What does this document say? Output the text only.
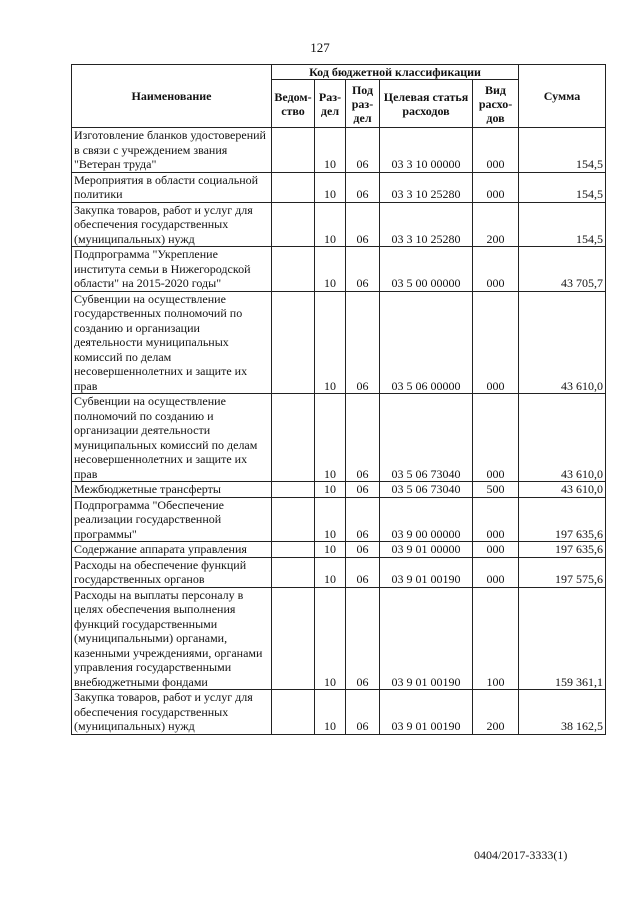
127
Наименование	Код бюджетной классификации					Сумма
	Ведом-ство	Раз-дел	Под раз-дел	Целевая статья расходов	Вид расхо-дов	
Изготовление бланков удостоверений в связи с учреждением звания "Ветеран труда"		10	06	03 3 10 00000	000	154,5
Мероприятия в области социальной политики		10	06	03 3 10 25280	000	154,5
Закупка товаров, работ и услуг для обеспечения государственных (муниципальных) нужд		10	06	03 3 10 25280	200	154,5
Подпрограмма "Укрепление института семьи в Нижегородской области" на 2015-2020 годы"		10	06	03 5 00 00000	000	43 705,7
Субвенции на осуществление государственных полномочий по созданию и организации деятельности муниципальных комиссий по делам несовершеннолетних и защите их прав		10	06	03 5 06 00000	000	43 610,0
Субвенции на осуществление полномочий по созданию и организации деятельности муниципальных комиссий по делам несовершеннолетних и защите их прав		10	06	03 5 06 73040	000	43 610,0
Межбюджетные трансферты		10	06	03 5 06 73040	500	43 610,0
Подпрограмма "Обеспечение реализации государственной программы"		10	06	03 9 00 00000	000	197 635,6
Содержание аппарата управления		10	06	03 9 01 00000	000	197 635,6
Расходы на обеспечение функций государственных органов		10	06	03 9 01 00190	000	197 575,6
Расходы на выплаты персоналу в целях обеспечения выполнения функций государственными (муниципальными) органами, казенными учреждениями, органами управления государственными внебюджетными фондами		10	06	03 9 01 00190	100	159 361,1
Закупка товаров, работ и услуг для обеспечения государственных (муниципальных) нужд		10	06	03 9 01 00190	200	38 162,5
0404/2017-3333(1)
